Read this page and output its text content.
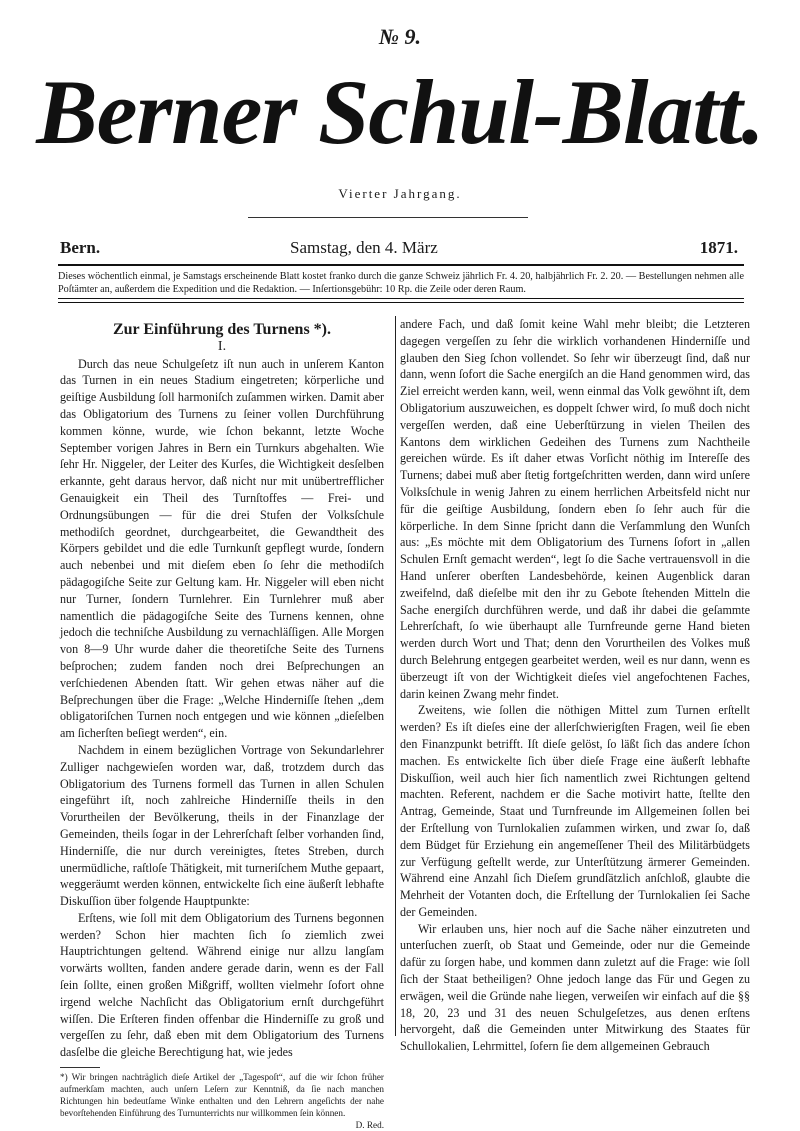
№ 9.
Berner Schul-Blatt.
Vierter Jahrgang.
Bern.	Samstag, den 4. März	1871.
Dieses wöchentlich einmal, je Samstags erscheinende Blatt kostet franko durch die ganze Schweiz jährlich Fr. 4. 20, halbjährlich Fr. 2. 20. — Bestellungen nehmen alle Poſtämter an, außerdem die Expedition und die Redaktion. — Inſertionsgebühr: 10 Rp. die Zeile oder deren Raum.

Zur Einführung des Turnens *).

I.

Durch das neue Schulgeſetz iſt nun auch in unſerem Kanton das Turnen in ein neues Stadium eingetreten; körperliche und geiſtige Ausbildung ſoll harmoniſch zuſammen wirken. Damit aber das Obligatorium des Turnens zu ſeiner vollen Durchführung kommen könne, wurde, wie ſchon bekannt, letzte Woche September vorigen Jahres in Bern ein Turnkurs abgehalten. Wie ſehr Hr. Niggeler, der Leiter des Kurſes, die Wichtigkeit desſelben erkannte, geht daraus hervor, daß nicht nur mit unübertrefflicher Genauigkeit ein Theil des Turnſtoffes — Frei- und Ordnungsübungen — für die drei Stufen der Volksſchule methodiſch geordnet, durchgearbeitet, die Gewandtheit des Körpers gebildet und die edle Turnkunſt gepflegt wurde, ſondern auch nebenbei und mit dieſem eben ſo ſehr die methodiſch pädagogiſche Seite zur Geltung kam. Hr. Niggeler will eben nicht nur Turner, ſondern Turnlehrer. Ein Turnlehrer muß aber namentlich die pädagogiſche Seite des Turnens kennen, ohne jedoch die techniſche Ausbildung zu vernachläſſigen. Alle Morgen von 8—9 Uhr wurde daher die theoretiſche Seite des Turnens beſprochen; zudem fanden noch drei Beſprechungen an verſchiedenen Abenden ſtatt. Wir gehen etwas näher auf die Beſprechungen über die Frage: „Welche Hinderniſſe ſtehen „dem obligatoriſchen Turnen noch entgegen und wie können „dieſelben am ſicherſten beſiegt werden“, ein.

Nachdem in einem bezüglichen Vortrage von Sekundarlehrer Zulliger nachgewieſen worden war, daß, trotzdem durch das Obligatorium des Turnens formell das Turnen in allen Schulen eingeführt iſt, noch zahlreiche Hinderniſſe theils in den Vorurtheilen der Bevölkerung, theils in der Finanzlage der Gemeinden, theils ſogar in der Lehrerſchaft ſelber vorhanden ſind, Hinderniſſe, die nur durch vereinigtes, ſtetes Streben, durch unermüdliche, raſtloſe Thätigkeit, mit turneriſchem Muthe gepaart, weggeräumt werden können, entwickelte ſich eine äußerſt lebhafte Diskuſſion über folgende Hauptpunkte:

Erſtens, wie ſoll mit dem Obligatorium des Turnens begonnen werden? Schon hier machten ſich ſo ziemlich zwei Hauptrichtungen geltend. Während einige nur allzu langſam vorwärts wollten, fanden andere gerade darin, wenn es der Fall ſein ſollte, einen großen Mißgriff, wollten vielmehr ſofort ohne irgend welche Nachſicht das Obligatorium ernſt durchgeführt wiſſen. Die Erſteren finden offenbar die Hinderniſſe zu groß und vergeſſen zu ſehr, daß eben mit dem Obligatorium des Turnens dasſelbe die gleiche Berechtigung hat, wie jedes

*) Wir bringen nachträglich dieſe Artikel der „Tagespoſt“, auf die wir ſchon früher aufmerkſam machten, auch unſern Leſern zur Kenntniß, da ſie nach manchen Richtungen hin bedeutſame Winke enthalten und den Lehrern angeſichts der nahe bevorſtehenden Einführung des Turnunterrichts nur willkommen ſein können.
D. Red.

andere Fach, und daß ſomit keine Wahl mehr bleibt; die Letzteren dagegen vergeſſen zu ſehr die wirklich vorhandenen Hinderniſſe und glauben den Sieg ſchon vollendet. So ſehr wir überzeugt ſind, daß nur dann, wenn ſofort die Sache energiſch an die Hand genommen wird, das Ziel erreicht werden kann, weil, wenn einmal das Volk gewöhnt iſt, dem Obligatorium auszuweichen, es doppelt ſchwer wird, ſo muß doch nicht vergeſſen werden, daß eine Ueberſtürzung in vielen Theilen des Kantons dem wirklichen Gedeihen des Turnens zum Nachtheile gereichen würde. Es iſt daher etwas Vorſicht nöthig im Intereſſe des Turnens; dabei muß aber ſtetig fortgeſchritten werden, dann wird unſere Volksſchule in wenig Jahren zu einem herrlichen Arbeitsfeld nicht nur für die geiſtige Ausbildung, ſondern eben ſo ſehr auch für die körperliche. In dem Sinne ſpricht dann die Verſammlung den Wunſch aus: „Es möchte mit dem Obligatorium des Turnens ſofort in „allen Schulen Ernſt gemacht werden“, legt ſo die Sache vertrauensvoll in die Hand unſerer oberſten Landesbehörde, keinen Augenblick daran zweifelnd, daß dieſelbe mit den ihr zu Gebote ſtehenden Mitteln die Sache energiſch durchführen werde, und daß ihr dabei die geſammte Lehrerſchaft, ſo wie überhaupt alle Turnfreunde gerne Hand bieten werden durch Wort und That; denn den Vorurtheilen des Volkes muß durch Belehrung entgegen gearbeitet werden, weil es nur dann, wenn es überzeugt iſt von der Wichtigkeit dieſes viel angefochtenen Faches, darin keinen Zwang mehr findet.

Zweitens, wie ſollen die nöthigen Mittel zum Turnen erſtellt werden? Es iſt dieſes eine der allerſchwierigſten Fragen, weil ſie eben den Finanzpunkt betrifft. Iſt dieſe gelöst, ſo läßt ſich das andere ſchon machen. Es entwickelte ſich über dieſe Frage eine äußerſt lebhafte Diskuſſion, weil auch hier ſich namentlich zwei Richtungen geltend machten. Referent, nachdem er die Sache motivirt hatte, ſtellte den Antrag, Gemeinde, Staat und Turnfreunde im Allgemeinen ſollen bei der Erſtellung von Turnlokalien zuſammen wirken, und zwar ſo, daß dem Büdget für Erziehung ein angemeſſener Theil des Militärbüdgets zur Verfügung geſtellt werde, zur Unterſtützung ärmerer Gemeinden. Während eine Anzahl ſich Dieſem grundſätzlich anſchloß, glaubte die Mehrheit der Votanten doch, die Erſtellung der Turnlokalien ſei Sache der Gemeinden.

Wir erlauben uns, hier noch auf die Sache näher einzutreten und unterſuchen zuerſt, ob Staat und Gemeinde, oder nur die Gemeinde dafür zu ſorgen habe, und kommen dann zuletzt auf die Frage: wie ſoll ſich der Staat betheiligen? Ohne jedoch lange das Für und Gegen zu erwägen, weil die Gründe nahe liegen, verweiſen wir einfach auf die §§ 18, 20, 23 und 31 des neuen Schulgeſetzes, aus denen erſtens hervorgeht, daß die Gemeinden unter Mitwirkung des Staates für Schullokalien, Lehrmittel, ſofern ſie dem allgemeinen Gebrauch
